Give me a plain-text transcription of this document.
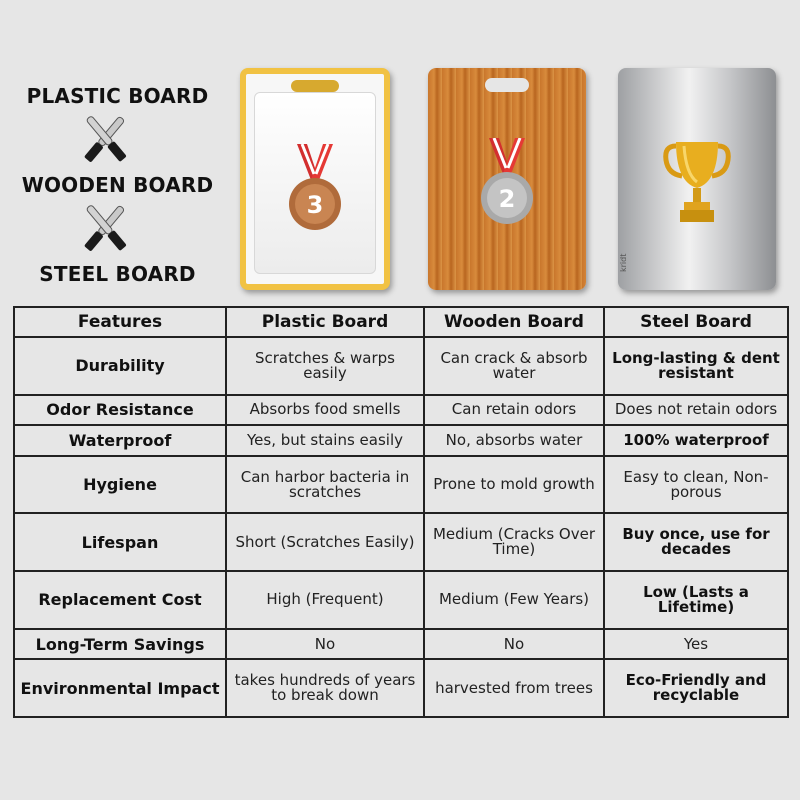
PLASTIC BOARD
WOODEN BOARD
STEEL BOARD
3	2
kridt
Features	Plastic Board	Wooden Board	Steel Board
Durability	Scratches & warps easily	Can crack & absorb water	Long-lasting & dent resistant
Odor Resistance	Absorbs food smells	Can retain odors	Does not retain odors
Waterproof	Yes, but stains easily	No, absorbs water	100% waterproof
Hygiene	Can harbor bacteria in scratches	Prone to mold growth	Easy to clean, Non-porous
Lifespan	Short (Scratches Easily)	Medium (Cracks Over Time)	Buy once, use for decades
Replacement Cost	High (Frequent)	Medium (Few Years)	Low (Lasts a Lifetime)
Long-Term Savings	No	No	Yes
Environmental Impact	takes hundreds of years to break down	harvested from trees	Eco-Friendly and recyclable
